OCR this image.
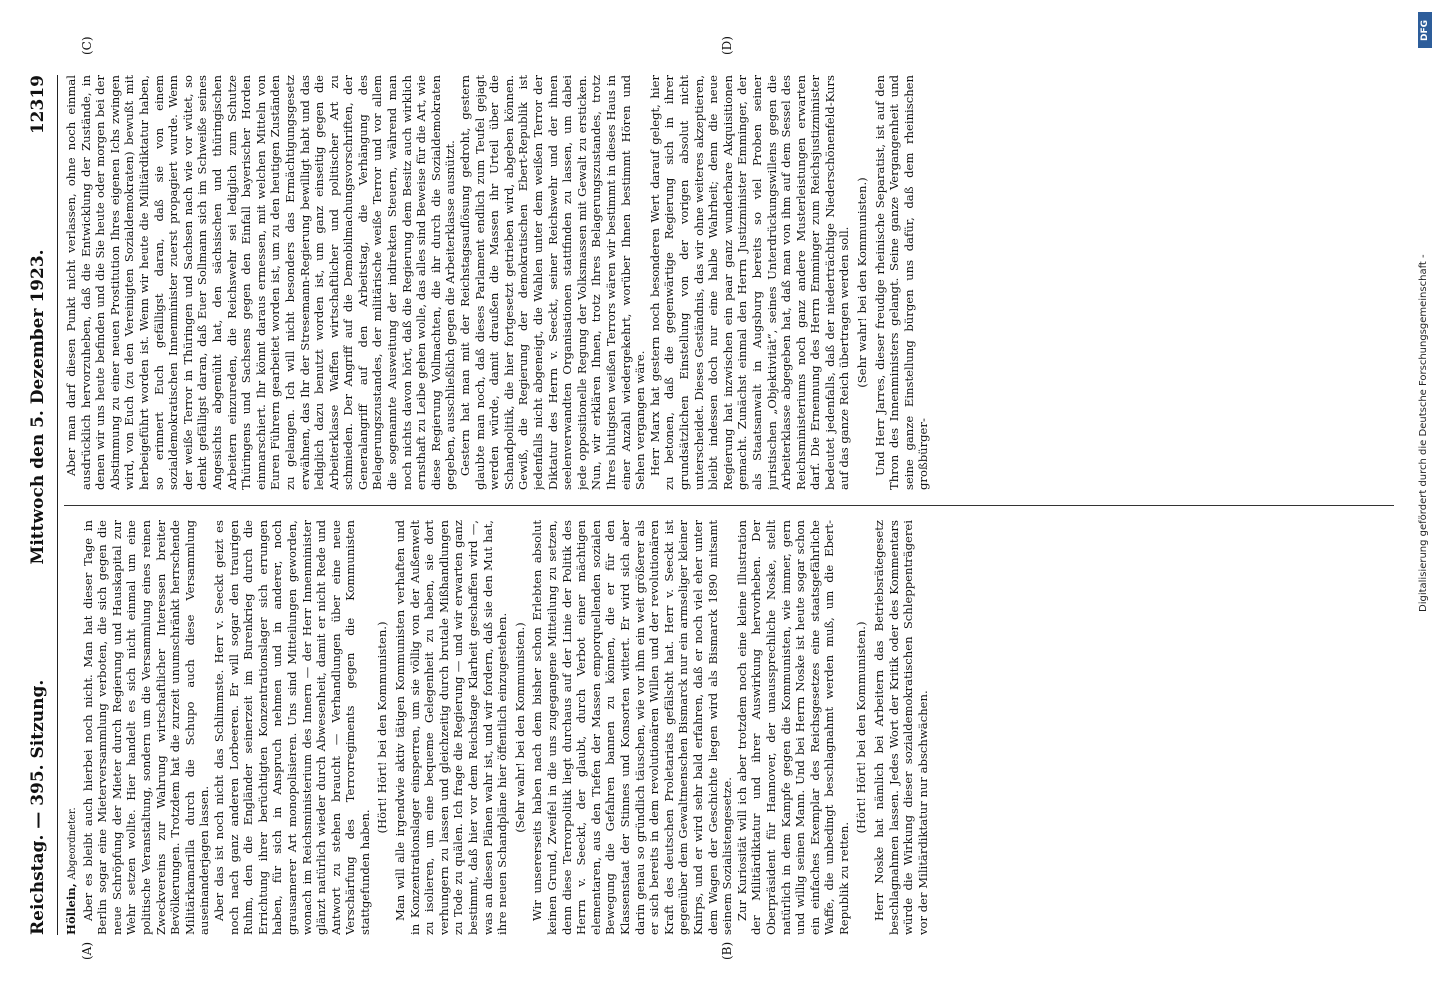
Reichstag. — 395. Sitzung.
Mittwoch den 5. Dezember 1923.
12319
(A)	(B)
(C)	(D)

Höllein, Abgeordneter. Aber es bleibt auch hierbei noch nicht. Man hat dieser Tage in Berlin sogar eine Mieterversammlung verboten, die sich gegen die neue Schröpfung der Mieter durch Regierung und Hauskapital zur Wehr setzen wollte. Hier handelt es sich nicht einmal um eine politische Veranstaltung, sondern um die Versammlung eines reinen Zweckvereins zur Wahrung wirtschaftlicher Interessen breiter Bevölkerungen. Trotzdem hat die zurzeit unumschränkt herrschende Militärkamarilla durch die Schupo auch diese Versammlung auseinanderjagen lassen. Aber das ist noch nicht das Schlimmste. Herr v. Seeckt geizt es noch nach ganz anderen Lorbeeren. Er will sogar den traurigen Ruhm, den die Engländer seinerzeit im Burenkrieg durch die Errichtung ihrer berüchtigten Konzentrationslager sich errungen haben, für sich in Anspruch nehmen und in anderer, noch grausamerer Art monopolisieren. Uns sind Mitteilungen geworden, wonach im Reichsministerium des Innern — der Herr Innenminister glänzt natürlich wieder durch Abwesenheit, damit er nicht Rede und Antwort zu stehen braucht — Verhandlungen über eine neue Verschärfung des Terrorregiments gegen die Kommunisten stattgefunden haben.

(Hört! Hört! bei den Kommunisten.) Man will alle irgendwie aktiv tätigen Kommunisten verhaften und in Konzentrationslager einsperren, um sie völlig von der Außenwelt zu isolieren, um eine bequeme Gelegenheit zu haben, sie dort verhungern zu lassen und gleichzeitig durch brutale Mißhandlungen zu Tode zu quälen. Ich frage die Regierung — und wir erwarten ganz bestimmt, daß hier vor dem Reichstage Klarheit geschaffen wird —, was an diesen Plänen wahr ist, und wir fordern, daß sie den Mut hat, ihre neuen Schandpläne hier öffentlich einzugestehen. (Sehr wahr! bei den Kommunisten.) Wir unsererseits haben nach dem bisher schon Erlebten absolut keinen Grund, Zweifel in die uns zugegangene Mitteilung zu setzen, denn diese Terrorpolitik liegt durchaus auf der Linie der Politik des Herrn v. Seeckt, der glaubt, durch Verbot einer mächtigen elementaren, aus den Tiefen der Massen emporquellenden sozialen Bewegung die Gefahren bannen zu können, die er für den Klassenstaat der Stinnes und Konsorten wittert. Er wird sich aber darin genau so gründlich täuschen, wie vor ihm ein weit größerer als er sich bereits in dem revolutionären Willen und der revolutionären Kraft des deutschen Proletariats gefälscht hat. Herr v. Seeckt ist gegenüber dem Gewaltmenschen Bismarck nur ein armseliger kleiner Knirps, und er wird sehr bald erfahren, daß er noch viel eher unter dem Wagen der Geschichte liegen wird als Bismarck 1890 mitsamt seinem Sozialistengesetze. Zur Kuriosität will ich aber trotzdem noch eine kleine Illustration der Militärdiktatur und ihrer Auswirkung hervorheben. Der Oberpräsident für Hannover, der unaussprechliche Noske, stellt natürlich in dem Kampfe gegen die Kommunisten, wie immer, gern und willig seinen Mann. Und bei Herrn Noske ist heute sogar schon ein einfaches Exemplar des Reichsgesetzes eine staatsgefährliche Waffe, die unbedingt beschlagnahmt werden muß, um die Ebert-Republik zu retten.

(Hört! Hört! bei den Kommunisten.) Herr Noske hat nämlich bei Arbeitern das Betriebsrätegesetz beschlagnahmen lassen. Jedes Wort der Kritik oder des Kommentars würde die Wirkung dieser sozialdemokratischen Schleppenträgerei vor der Militärdiktatur nur abschwächen.

Aber man darf diesen Punkt nicht verlassen, ohne noch einmal ausdrücklich hervorzuheben, daß die Entwicklung der Zustände, in denen wir uns heute befinden und die Sie heute oder morgen bei der Abstimmung zu einer neuen Prostitution Ihres eigenen Ichs zwingen wird, von Euch (zu den Vereinigten Sozialdemokraten) bewußt mit herbeigeführt worden ist. Wenn wir heute die Militärdiktatur haben, so erinnert Euch gefälligst daran, daß sie von einem sozialdemokratischen Innenminister zuerst propagiert wurde. Wenn der weiße Terror in Thüringen und Sachsen nach wie vor wütet, so denkt gefälligst daran, daß Euer Sollmann sich im Schweiße seines Angesichts abgemüht hat, den sächsischen und thüringischen Arbeitern einzureden, die Reichswehr sei lediglich zum Schutze Thüringens und Sachsens gegen den Einfall bayerischer Horden einmarschiert. Ihr könnt daraus ermessen, mit welchen Mitteln von Euren Führern gearbeitet worden ist, um zu den heutigen Zuständen zu gelangen. Ich will nicht besonders das Ermächtigungsgesetz erwähnen, das Ihr der Stresemann-Regierung bewilligt habt und das lediglich dazu benutzt worden ist, um ganz einseitig gegen die Arbeiterklasse Waffen wirtschaftlicher und politischer Art zu schmieden. Der Angriff auf die Demobilmachungsvorschriften, der Generalangriff auf den Arbeitstag, die Verhängung des Belagerungszustandes, der militärische weiße Terror und vor allem die sogenannte Ausweitung der indirekten Steuern, während man noch nichts davon hört, daß die Regierung dem Besitz auch wirklich ernsthaft zu Leibe gehen wolle, das alles sind Beweise für die Art, wie diese Regierung Vollmachten, die ihr durch die Sozialdemokraten gegeben, ausschließlich gegen die Arbeiterklasse ausnützt. Gestern hat man mit der Reichstagsauflösung gedroht, gestern glaubte man noch, daß dieses Parlament endlich zum Teufel gejagt werden würde, damit draußen die Massen ihr Urteil über die Schandpolitik, die hier fortgesetzt getrieben wird, abgeben können. Gewiß, die Regierung der demokratischen Ebert-Republik ist jedenfalls nicht abgeneigt, die Wahlen unter dem weißen Terror der Diktatur des Herrn v. Seeckt, seiner Reichswehr und der ihnen seelenverwandten Organisationen stattfinden zu lassen, um dabei jede oppositionelle Regung der Volksmassen mit Gewalt zu ersticken. Nun, wir erklären Ihnen, trotz Ihres Belagerungszustandes, trotz Ihres blutigsten weißen Terrors wären wir bestimmt in dieses Haus in einer Anzahl wiedergekehrt, worüber Ihnen bestimmt Hören und Sehen vergangen wäre. Herr Marx hat gestern noch besonderen Wert darauf gelegt, hier zu betonen, daß die gegenwärtige Regierung sich in ihrer grundsätzlichen Einstellung von der vorigen absolut nicht unterscheidet. Dieses Geständnis, das wir ohne weiteres akzeptieren, bleibt indessen doch nur eine halbe Wahrheit; denn die neue Regierung hat inzwischen ein paar ganz wunderbare Akquisitionen gemacht. Zunächst einmal den Herrn Justizminister Emminger, der als Staatsanwalt in Augsburg bereits so viel Proben seiner juristischen „Objektivität“, seines Unterdrückungswillens gegen die Arbeiterklasse abgegeben hat, daß man von ihm auf dem Sessel des Reichsministeriums noch ganz andere Musterleistungen erwarten darf. Die Ernennung des Herrn Emminger zum Reichsjustizminister bedeutet jedenfalls, daß der niederträchtige Niederschönenfeld-Kurs auf das ganze Reich übertragen werden soll. (Sehr wahr! bei den Kommunisten.) Und Herr Jarres, dieser freudige rheinische Separatist, ist auf den Thron des Innenministers gelangt. Seine ganze Vergangenheit und seine ganze Einstellung bürgen uns dafür, daß dem rheinischen großbürger-

DFG
Digitalisierung gefördert durch die Deutsche Forschungsgemeinschaft -
